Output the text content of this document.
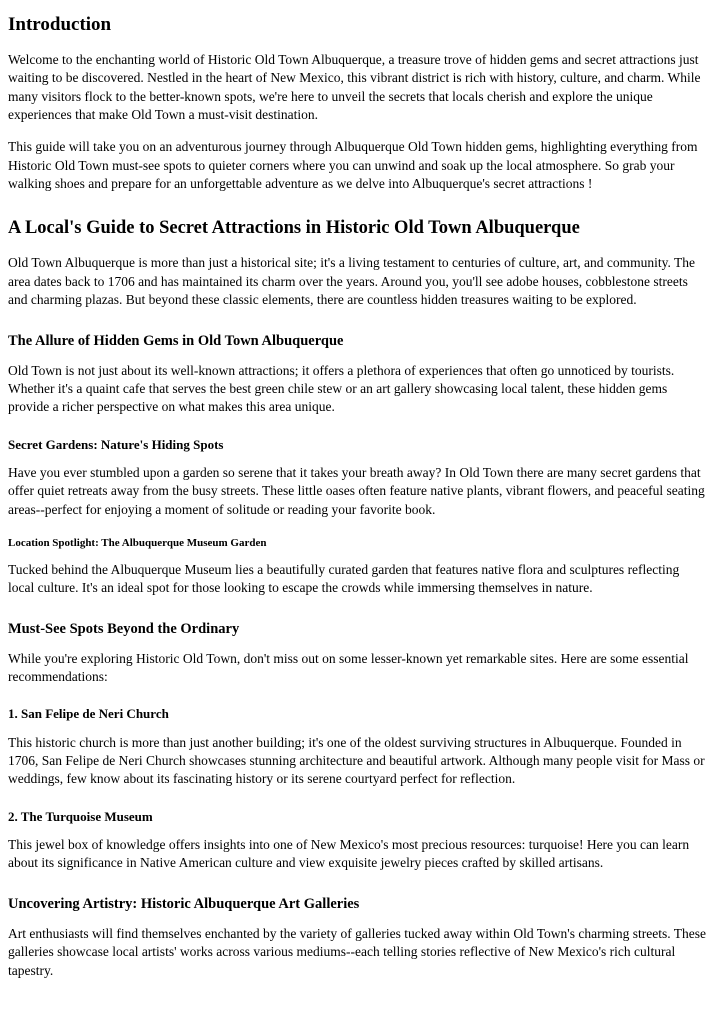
Introduction

Welcome to the enchanting world of Historic Old Town Albuquerque, a treasure trove of hidden gems and secret attractions just waiting to be discovered. Nestled in the heart of New Mexico, this vibrant district is rich with history, culture, and charm. While many visitors flock to the better-known spots, we're here to unveil the secrets that locals cherish and explore the unique experiences that make Old Town a must-visit destination.

This guide will take you on an adventurous journey through Albuquerque Old Town hidden gems, highlighting everything from Historic Old Town must-see spots to quieter corners where you can unwind and soak up the local atmosphere. So grab your walking shoes and prepare for an unforgettable adventure as we delve into Albuquerque's secret attractions !

A Local's Guide to Secret Attractions in Historic Old Town Albuquerque

Old Town Albuquerque is more than just a historical site; it's a living testament to centuries of culture, art, and community. The area dates back to 1706 and has maintained its charm over the years. Around you, you'll see adobe houses, cobblestone streets and charming plazas. But beyond these classic elements, there are countless hidden treasures waiting to be explored.

The Allure of Hidden Gems in Old Town Albuquerque

Old Town is not just about its well-known attractions; it offers a plethora of experiences that often go unnoticed by tourists. Whether it's a quaint cafe that serves the best green chile stew or an art gallery showcasing local talent, these hidden gems provide a richer perspective on what makes this area unique.

Secret Gardens: Nature's Hiding Spots

Have you ever stumbled upon a garden so serene that it takes your breath away? In Old Town there are many secret gardens that offer quiet retreats away from the busy streets. These little oases often feature native plants, vibrant flowers, and peaceful seating areas--perfect for enjoying a moment of solitude or reading your favorite book.

Location Spotlight: The Albuquerque Museum Garden

Tucked behind the Albuquerque Museum lies a beautifully curated garden that features native flora and sculptures reflecting local culture. It's an ideal spot for those looking to escape the crowds while immersing themselves in nature.

Must-See Spots Beyond the Ordinary

While you're exploring Historic Old Town, don't miss out on some lesser-known yet remarkable sites. Here are some essential recommendations:

1. San Felipe de Neri Church

This historic church is more than just another building; it's one of the oldest surviving structures in Albuquerque. Founded in 1706, San Felipe de Neri Church showcases stunning architecture and beautiful artwork. Although many people visit for Mass or weddings, few know about its fascinating history or its serene courtyard perfect for reflection.

2. The Turquoise Museum

This jewel box of knowledge offers insights into one of New Mexico's most precious resources: turquoise! Here you can learn about its significance in Native American culture and view exquisite jewelry pieces crafted by skilled artisans.

Uncovering Artistry: Historic Albuquerque Art Galleries

Art enthusiasts will find themselves enchanted by the variety of galleries tucked away within Old Town's charming streets. These galleries showcase local artists' works across various mediums--each telling stories reflective of New Mexico's rich cultural tapestry.
